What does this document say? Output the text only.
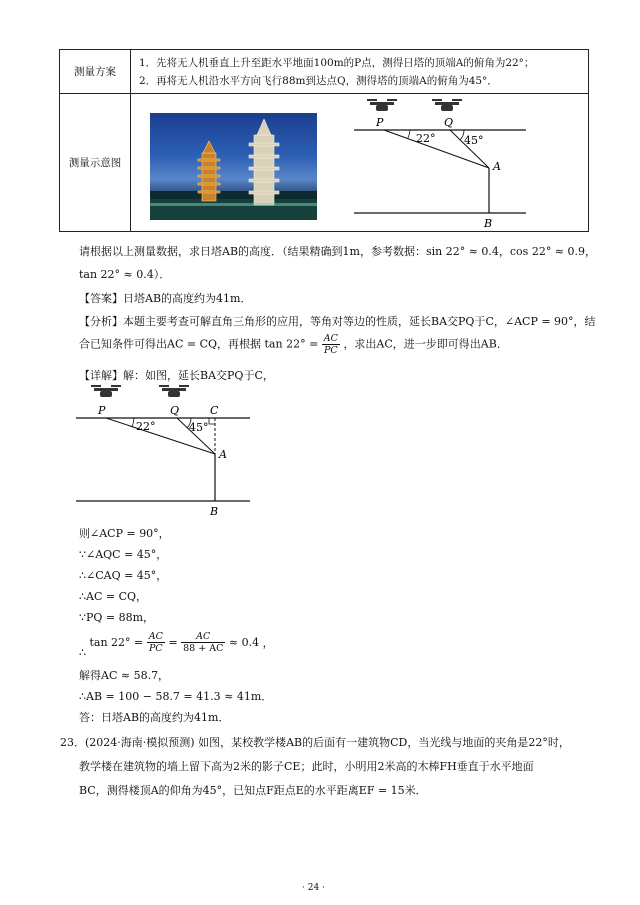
测量方案	1．先将无人机垂直上升至距水平地面100m的P点，测得日塔的顶端A的俯角为22°；
2．再将无人机沿水平方向飞行88m到达点Q，测得塔的顶端A的俯角为45°．

测量示意图	
P	Q
22°	45°
A
B
请根据以上测量数据，求日塔AB的高度．（结果精确到1m，参考数据：sin 22° ≈ 0.4，cos 22° ≈ 0.9，
tan 22° ≈ 0.4）．
【答案】日塔AB的高度约为41m．
【分析】本题主要考查可解直角三角形的应用，等角对等边的性质，延长BA交PQ于C，∠ACP = 90°，结
合已知条件可得出AC = CQ，再根据 $\tan 22^\circ = \frac{AC}{PC}$ ，求出AC，进一步即可得出AB．
【详解】解：如图，延长BA交PQ于C，
P	Q	C
22°	45°
A
B
则∠ACP = 90°，
∵∠AQC = 45°，
∴∠CAQ = 45°，
∴AC = CQ，
∵PQ = 88m，
∴ $\tan 22^\circ = \frac{AC}{PC} = \frac{AC}{88 + AC} \approx 0.4$ ，
解得AC ≈ 58.7，
∴AB = 100 − 58.7 = 41.3 ≈ 41m．
答：日塔AB的高度约为41m．
23．(2024·海南·模拟预测) 如图，某校教学楼AB的后面有一建筑物CD，当光线与地面的夹角是22°时，
教学楼在建筑物的墙上留下高为2米的影子CE；此时，小明用2米高的木棒FH垂直于水平地面
BC，测得楼顶A的仰角为45°，已知点F距点E的水平距离EF = 15米．
· 24 ·
